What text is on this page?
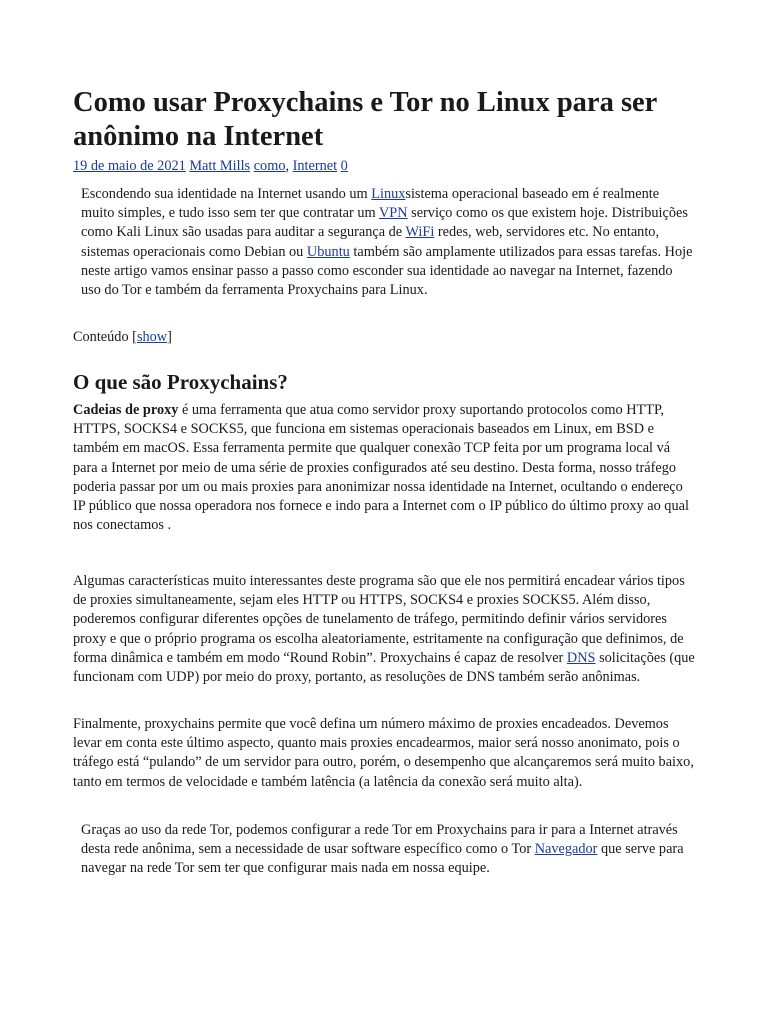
Como usar Proxychains e Tor no Linux para ser anônimo na Internet
19 de maio de 2021 Matt Mills como, Internet 0

Escondendo sua identidade na Internet usando um Linuxsistema operacional baseado em é realmente muito simples, e tudo isso sem ter que contratar um VPN serviço como os que existem hoje. Distribuições como Kali Linux são usadas para auditar a segurança de WiFi redes, web, servidores etc. No entanto, sistemas operacionais como Debian ou Ubuntu também são amplamente utilizados para essas tarefas. Hoje neste artigo vamos ensinar passo a passo como esconder sua identidade ao navegar na Internet, fazendo uso do Tor e também da ferramenta Proxychains para Linux.

Conteúdo [show]
O que são Proxychains?

Cadeias de proxy é uma ferramenta que atua como servidor proxy suportando protocolos como HTTP, HTTPS, SOCKS4 e SOCKS5, que funciona em sistemas operacionais baseados em Linux, em BSD e também em macOS. Essa ferramenta permite que qualquer conexão TCP feita por um programa local vá para a Internet por meio de uma série de proxies configurados até seu destino. Desta forma, nosso tráfego poderia passar por um ou mais proxies para anonimizar nossa identidade na Internet, ocultando o endereço IP público que nossa operadora nos fornece e indo para a Internet com o IP público do último proxy ao qual nos conectamos .

Algumas características muito interessantes deste programa são que ele nos permitirá encadear vários tipos de proxies simultaneamente, sejam eles HTTP ou HTTPS, SOCKS4 e proxies SOCKS5. Além disso, poderemos configurar diferentes opções de tunelamento de tráfego, permitindo definir vários servidores proxy e que o próprio programa os escolha aleatoriamente, estritamente na configuração que definimos, de forma dinâmica e também em modo “Round Robin”. Proxychains é capaz de resolver DNS solicitações (que funcionam com UDP) por meio do proxy, portanto, as resoluções de DNS também serão anônimas.

Finalmente, proxychains permite que você defina um número máximo de proxies encadeados. Devemos levar em conta este último aspecto, quanto mais proxies encadearmos, maior será nosso anonimato, pois o tráfego está “pulando” de um servidor para outro, porém, o desempenho que alcançaremos será muito baixo, tanto em termos de velocidade e também latência (a latência da conexão será muito alta).

Graças ao uso da rede Tor, podemos configurar a rede Tor em Proxychains para ir para a Internet através desta rede anônima, sem a necessidade de usar software específico como o Tor Navegador que serve para navegar na rede Tor sem ter que configurar mais nada em nossa equipe.
